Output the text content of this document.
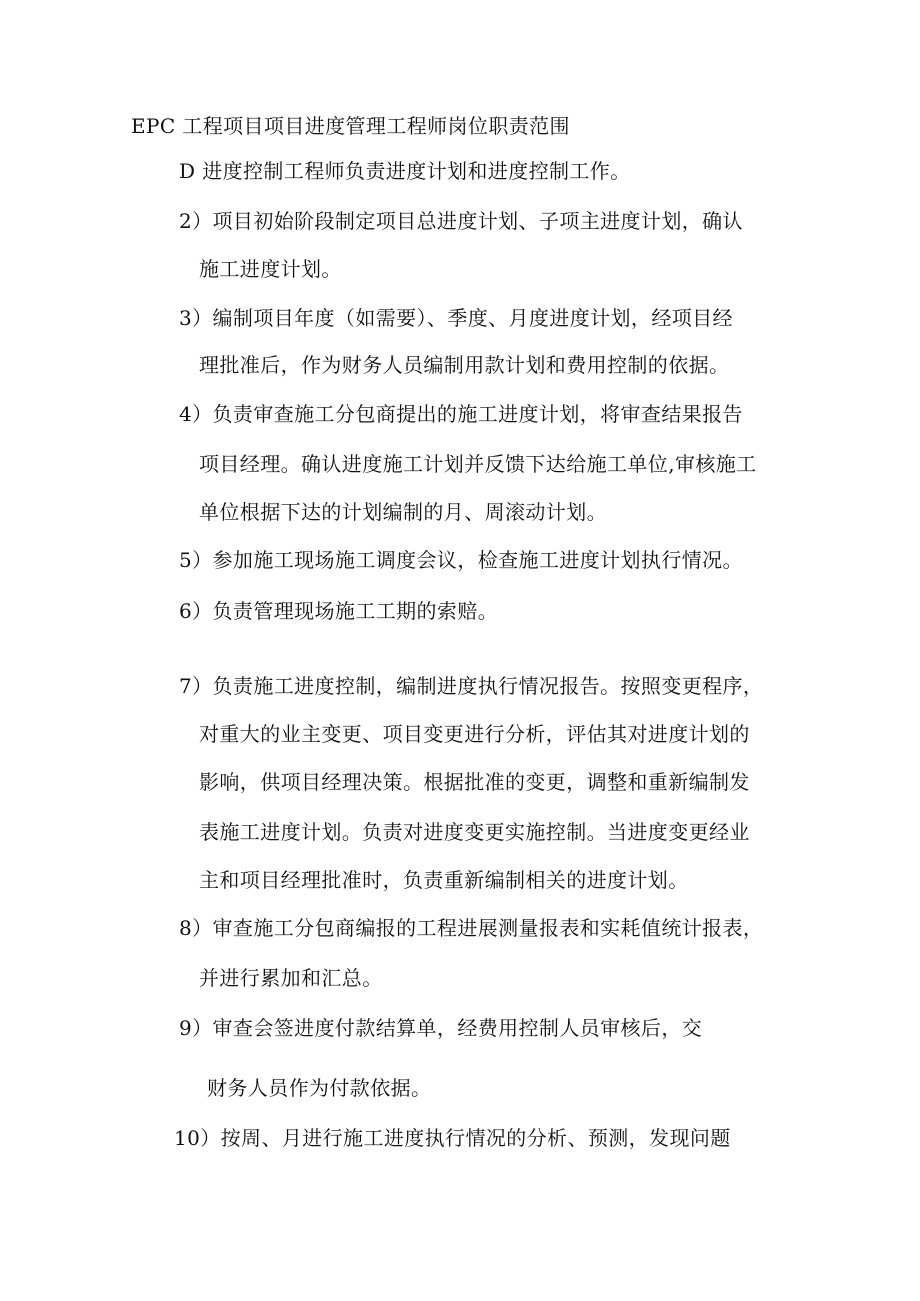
EPC 工程项目项目进度管理工程师岗位职责范围
D 进度控制工程师负责进度计划和进度控制工作。
2）项目初始阶段制定项目总进度计划、子项主进度计划，确认
施工进度计划。
3）编制项目年度（如需要）、季度、月度进度计划，经项目经
理批准后，作为财务人员编制用款计划和费用控制的依据。
4）负责审查施工分包商提出的施工进度计划，将审查结果报告
项目经理。确认进度施工计划并反馈下达给施工单位,审核施工
单位根据下达的计划编制的月、周滚动计划。
5）参加施工现场施工调度会议，检查施工进度计划执行情况。
6）负责管理现场施工工期的索赔。
7）负责施工进度控制，编制进度执行情况报告。按照变更程序，
对重大的业主变更、项目变更进行分析，评估其对进度计划的
影响，供项目经理决策。根据批准的变更，调整和重新编制发
表施工进度计划。负责对进度变更实施控制。当进度变更经业
主和项目经理批准时，负责重新编制相关的进度计划。
8）审查施工分包商编报的工程进展测量报表和实耗值统计报表，
并进行累加和汇总。
9）审查会签进度付款结算单，经费用控制人员审核后，交
财务人员作为付款依据。
10）按周、月进行施工进度执行情况的分析、预测，发现问题
